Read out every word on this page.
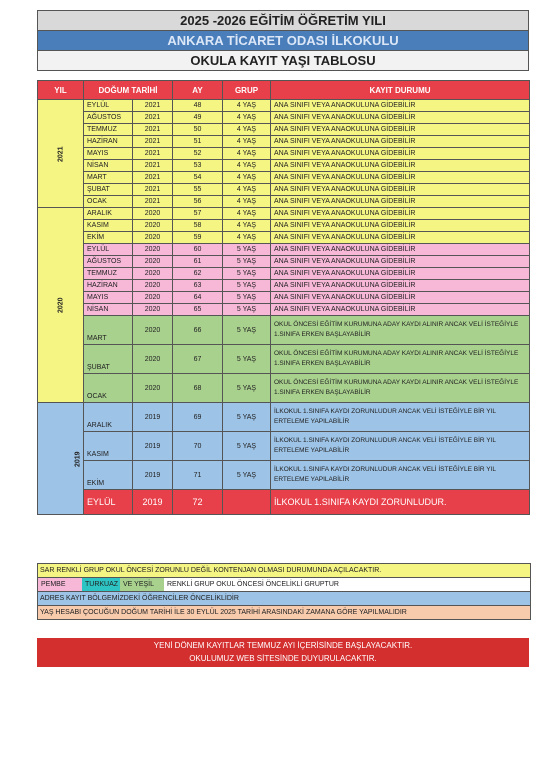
2025 -2026 EĞİTİM ÖĞRETİM YILI
ANKARA TİCARET ODASI İLKOKULU
OKULA KAYIT YAŞI TABLOSU
YIL	DOĞUM TARİHİ		AY	GRUP	KAYIT DURUMU
2021	EYLÜL	2021	48	4 YAŞ	ANA SINIFI VEYA ANAOKULUNA GİDEBİLİR
	AĞUSTOS	2021	49	4 YAŞ	ANA SINIFI VEYA ANAOKULUNA GİDEBİLİR
	TEMMUZ	2021	50	4 YAŞ	ANA SINIFI VEYA ANAOKULUNA GİDEBİLİR
	HAZİRAN	2021	51	4 YAŞ	ANA SINIFI VEYA ANAOKULUNA GİDEBİLİR
	MAYIS	2021	52	4 YAŞ	ANA SINIFI VEYA ANAOKULUNA GİDEBİLİR
	NİSAN	2021	53	4 YAŞ	ANA SINIFI VEYA ANAOKULUNA GİDEBİLİR
	MART	2021	54	4 YAŞ	ANA SINIFI VEYA ANAOKULUNA GİDEBİLİR
	ŞUBAT	2021	55	4 YAŞ	ANA SINIFI VEYA ANAOKULUNA GİDEBİLİR
	OCAK	2021	56	4 YAŞ	ANA SINIFI VEYA ANAOKULUNA GİDEBİLİR
2020	ARALIK	2020	57	4 YAŞ	ANA SINIFI VEYA ANAOKULUNA GİDEBİLİR
	KASIM	2020	58	4 YAŞ	ANA SINIFI VEYA ANAOKULUNA GİDEBİLİR
	EKİM	2020	59	4 YAŞ	ANA SINIFI VEYA ANAOKULUNA GİDEBİLİR
	EYLÜL	2020	60	5 YAŞ	ANA SINIFI VEYA ANAOKULUNA GİDEBİLİR
	AĞUSTOS	2020	61	5 YAŞ	ANA SINIFI VEYA ANAOKULUNA GİDEBİLİR
	TEMMUZ	2020	62	5 YAŞ	ANA SINIFI VEYA ANAOKULUNA GİDEBİLİR
	HAZİRAN	2020	63	5 YAŞ	ANA SINIFI VEYA ANAOKULUNA GİDEBİLİR
	MAYIS	2020	64	5 YAŞ	ANA SINIFI VEYA ANAOKULUNA GİDEBİLİR
	NİSAN	2020	65	5 YAŞ	ANA SINIFI VEYA ANAOKULUNA GİDEBİLİR
	MART	2020	66	5 YAŞ	OKUL ÖNCESİ EĞİTİM KURUMUNA ADAY KAYDI ALINIR ANCAK VELİ İSTEĞİYLE 1.SINIFA ERKEN BAŞLAYABİLİR
	ŞUBAT	2020	67	5 YAŞ	OKUL ÖNCESİ EĞİTİM KURUMUNA ADAY KAYDI ALINIR ANCAK VELİ İSTEĞİYLE 1.SINIFA ERKEN BAŞLAYABİLİR
	OCAK	2020	68	5 YAŞ	OKUL ÖNCESİ EĞİTİM KURUMUNA ADAY KAYDI ALINIR ANCAK VELİ İSTEĞİYLE 1.SINIFA ERKEN BAŞLAYABİLİR
2019	ARALIK	2019	69	5 YAŞ	İLKOKUL 1.SINIFA KAYDI ZORUNLUDUR ANCAK VELİ İSTEĞİYLE BİR YIL ERTELEME YAPILABİLİR
	KASIM	2019	70	5 YAŞ	İLKOKUL 1.SINIFA KAYDI ZORUNLUDUR ANCAK VELİ İSTEĞİYLE BİR YIL ERTELEME YAPILABİLİR
	EKİM	2019	71	5 YAŞ	İLKOKUL 1.SINIFA KAYDI ZORUNLUDUR ANCAK VELİ İSTEĞİYLE BİR YIL ERTELEME YAPILABİLİR
	EYLÜL	2019	72		İLKOKUL 1.SINIFA KAYDI ZORUNLUDUR.
SAR RENKLİ GRUP OKUL ÖNCESİ ZORUNLU DEĞİL KONTENJAN OLMASI DURUMUNDA AÇILACAKTIR.
PEMBE	TURKUAZ VE YEŞİL	RENKLİ GRUP OKUL ÖNCESİ ÖNCELİKLİ GRUPTUR
ADRES KAYIT BÖLGEMİZDEKİ ÖĞRENCİLER ÖNCELİKLİDİR
YAŞ HESABI ÇOCUĞUN DOĞUM TARİHİ İLE 30 EYLÜL 2025 TARİHİ ARASINDAKİ ZAMANA GÖRE YAPILMALIDIR
YENİ DÖNEM KAYITLAR TEMMUZ AYI İÇERİSİNDE BAŞLAYACAKTIR.
OKULUMUZ WEB SİTESİNDE DUYURULACAKTIR.
